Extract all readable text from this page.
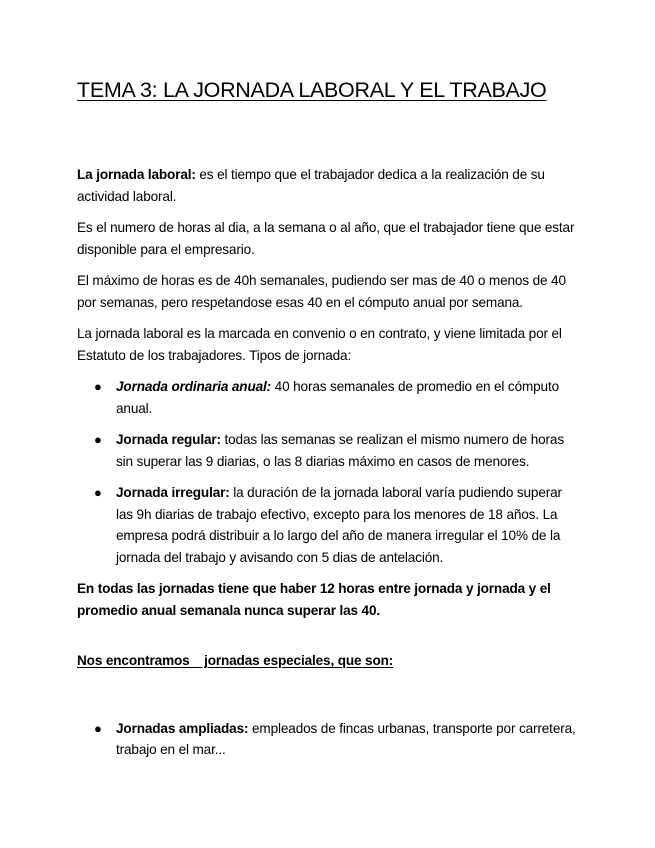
TEMA 3: LA JORNADA LABORAL Y EL TRABAJO

La jornada laboral: es el tiempo que el trabajador dedica a la realización de su actividad laboral.

Es el numero de horas al dia, a la semana o al año, que el trabajador tiene que estar disponible para el empresario.

El máximo de horas es de 40h semanales, pudiendo ser mas de 40 o menos de 40 por semanas, pero respetandose esas 40 en el cómputo anual por semana.

La jornada laboral es la marcada en convenio o en contrato, y viene limitada por el Estatuto de los trabajadores. Tipos de jornada:

● Jornada ordinaria anual: 40 horas semanales de promedio en el cómputo anual.
● Jornada regular: todas las semanas se realizan el mismo numero de horas sin superar las 9 diarias, o las 8 diarias máximo en casos de menores.
● Jornada irregular: la duración de la jornada laboral varía pudiendo superar las 9h diarias de trabajo efectivo, excepto para los menores de 18 años. La empresa podrá distribuir a lo largo del año de manera irregular el 10% de la jornada del trabajo y avisando con 5 dias de antelación.

En todas las jornadas tiene que haber 12 horas entre jornada y jornada y el promedio anual semanala nunca superar las 40.

Nos encontramos    jornadas especiales, que son:

● Jornadas ampliadas: empleados de fincas urbanas, transporte por carretera, trabajo en el mar...
